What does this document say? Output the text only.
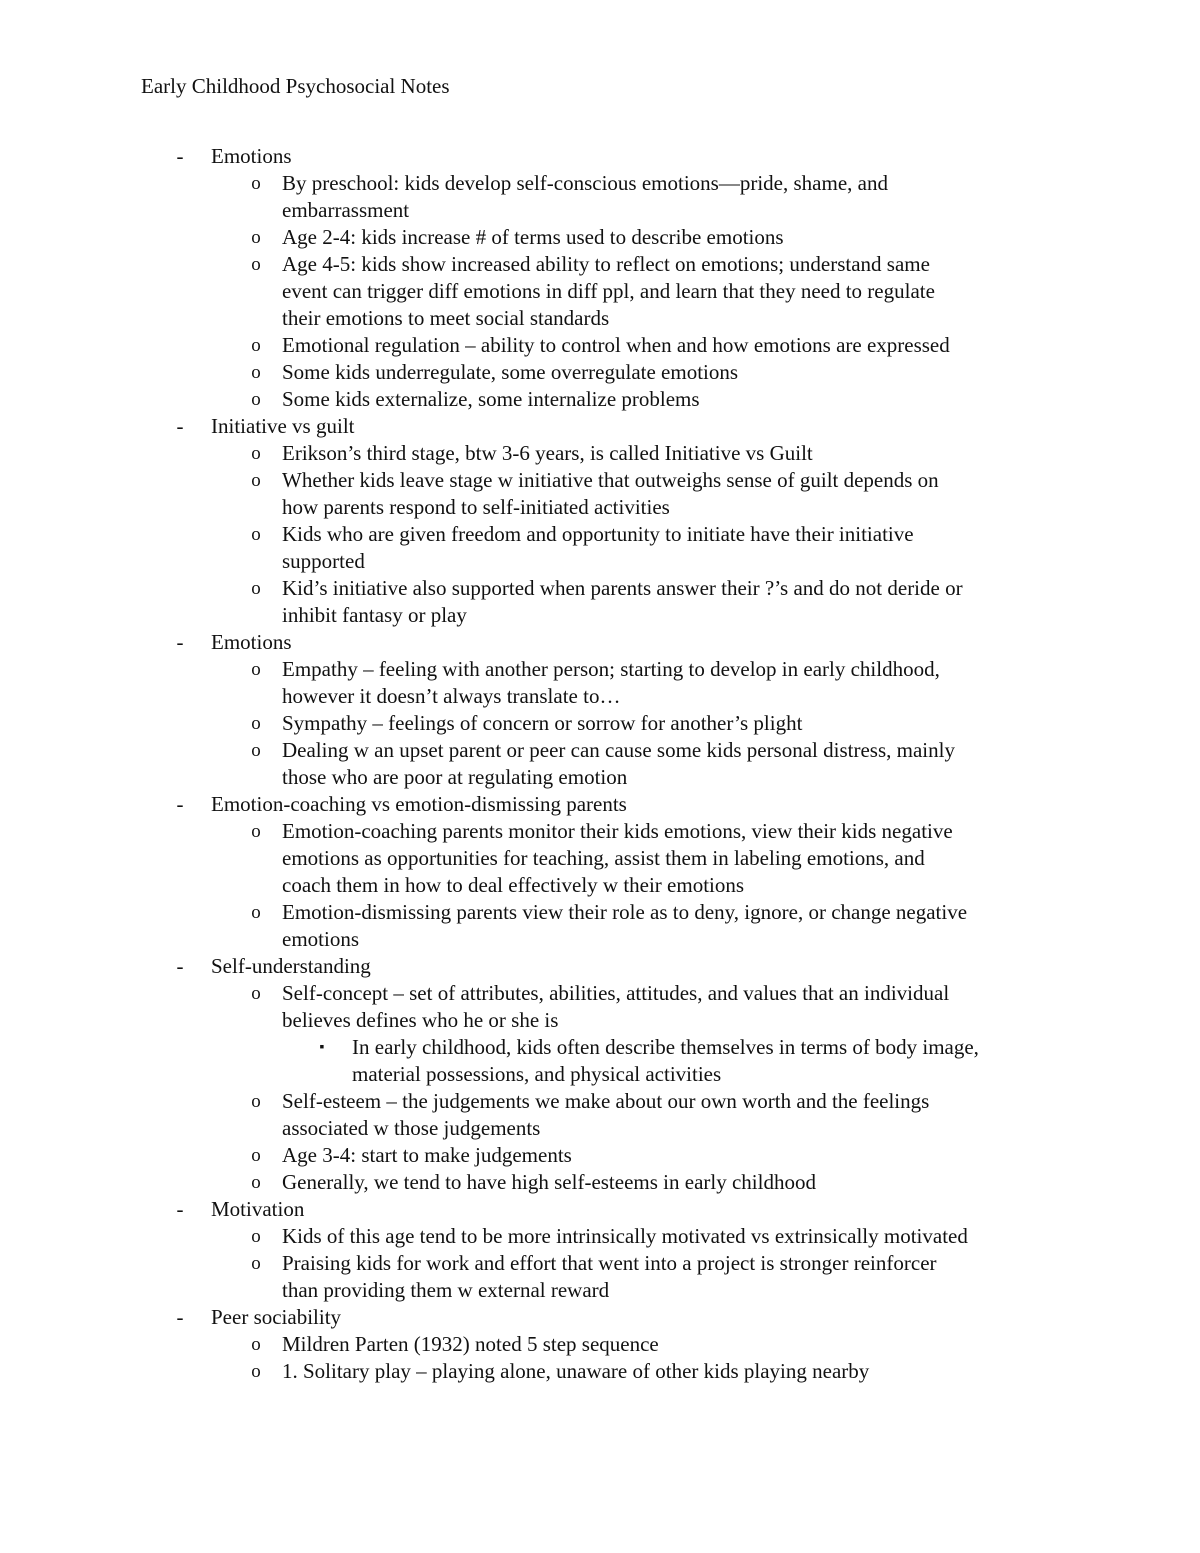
Early Childhood Psychosocial Notes
-	Emotions
o	By preschool: kids develop self-conscious emotions—pride, shame, and
embarrassment
o	Age 2-4: kids increase # of terms used to describe emotions
o	Age 4-5: kids show increased ability to reflect on emotions; understand same
event can trigger diff emotions in diff ppl, and learn that they need to regulate
their emotions to meet social standards
o	Emotional regulation – ability to control when and how emotions are expressed
o	Some kids underregulate, some overregulate emotions
o	Some kids externalize, some internalize problems
-	Initiative vs guilt
o	Erikson’s third stage, btw 3-6 years, is called Initiative vs Guilt
o	Whether kids leave stage w initiative that outweighs sense of guilt depends on
how parents respond to self-initiated activities
o	Kids who are given freedom and opportunity to initiate have their initiative
supported
o	Kid’s initiative also supported when parents answer their ?’s and do not deride or
inhibit fantasy or play
-	Emotions
o	Empathy – feeling with another person; starting to develop in early childhood,
however it doesn’t always translate to…
o	Sympathy – feelings of concern or sorrow for another’s plight
o	Dealing w an upset parent or peer can cause some kids personal distress, mainly
those who are poor at regulating emotion
-	Emotion-coaching vs emotion-dismissing parents
o	Emotion-coaching parents monitor their kids emotions, view their kids negative
emotions as opportunities for teaching, assist them in labeling emotions, and
coach them in how to deal effectively w their emotions
o	Emotion-dismissing parents view their role as to deny, ignore, or change negative
emotions
-	Self-understanding
o	Self-concept – set of attributes, abilities, attitudes, and values that an individual
believes defines who he or she is
▪	In early childhood, kids often describe themselves in terms of body image,
material possessions, and physical activities
o	Self-esteem – the judgements we make about our own worth and the feelings
associated w those judgements
o	Age 3-4: start to make judgements
o	Generally, we tend to have high self-esteems in early childhood
-	Motivation
o	Kids of this age tend to be more intrinsically motivated vs extrinsically motivated
o	Praising kids for work and effort that went into a project is stronger reinforcer
than providing them w external reward
-	Peer sociability
o	Mildren Parten (1932) noted 5 step sequence
o	1. Solitary play – playing alone, unaware of other kids playing nearby
